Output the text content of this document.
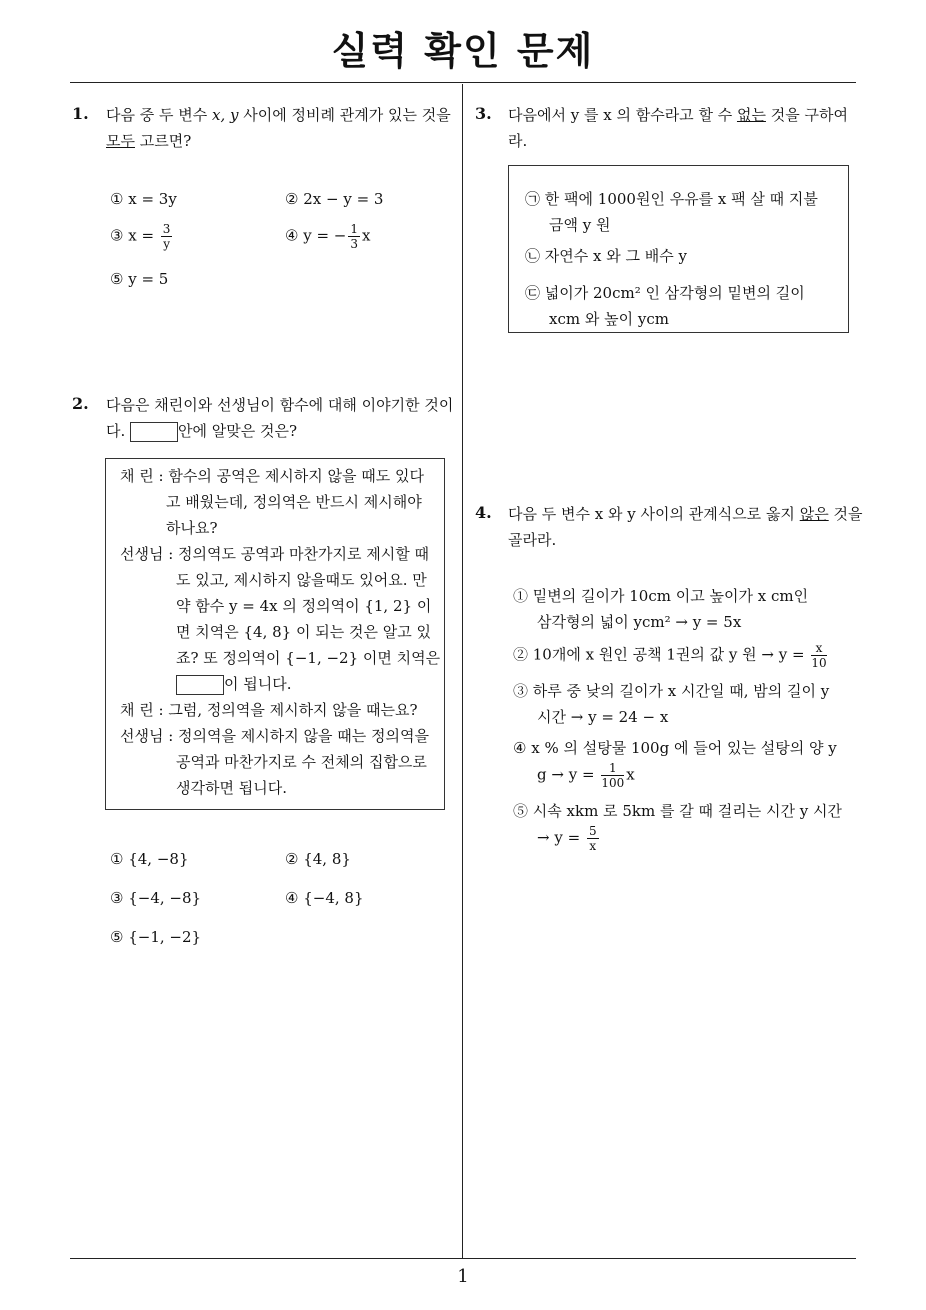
실력 확인 문제
1
1. 다음 중 두 변수 x, y 사이에 정비례 관계가 있는 것을
모두 고르면?
① x = 3y	② 2x − y = 3
③ $x = \frac{3}{y}$	④ y = − $\frac{1}{3}$ x
⑤ y = 5
2. 다음은 채린이와 선생님이 함수에 대해 이야기한 것이
다.	안에 알맞은 것은?
채 린 : 함수의 공역은 제시하지 않을 때도 있다
고 배웠는데, 정의역은 반드시 제시해야
하나요?
선생님 : 정의역도 공역과 마찬가지로 제시할 때
도 있고, 제시하지 않을때도 있어요. 만
약 함수 y = 4x 의 정의역이 {1, 2} 이
면 치역은 {4, 8} 이 되는 것은 알고 있
죠? 또 정의역이 {−1, −2} 이면 치역은
이 됩니다.
채 린 : 그럼, 정의역을 제시하지 않을 때는요?
선생님 : 정의역을 제시하지 않을 때는 정의역을
공역과 마찬가지로 수 전체의 집합으로
생각하면 됩니다.
① {4, −8}	② {4, 8}
③ {−4, −8}	④ {−4, 8}
⑤ {−1, −2}
3. 다음에서 y 를 x 의 함수라고 할 수 없는 것을 구하여
라.
㉠ 한 팩에 1000원인 우유를 x 팩 살 때 지불
금액 y 원
㉡ 자연수 x 와 그 배수 y
㉢ 넓이가 20cm² 인 삼각형의 밑변의 길이
xcm 와 높이 ycm
4. 다음 두 변수 x 와 y 사이의 관계식으로 옳지 않은 것을
골라라.
① 밑변의 길이가 10cm 이고 높이가 x cm인
삼각형의 넓이 ycm² → y = 5x
② 10개에 x 원인 공책 1권의 값 y 원 → $y = \frac{x}{10}$
③ 하루 중 낮의 길이가 x 시간일 때, 밤의 길이 y
시간 → y = 24 − x
④ x % 의 설탕물 100g 에 들어 있는 설탕의 양 y
$g \to y = \frac{1}{100}$ x
⑤ 시속 xkm 로 5km 를 갈 때 걸리는 시간 y 시간
→ $y = \frac{5}{x}$
